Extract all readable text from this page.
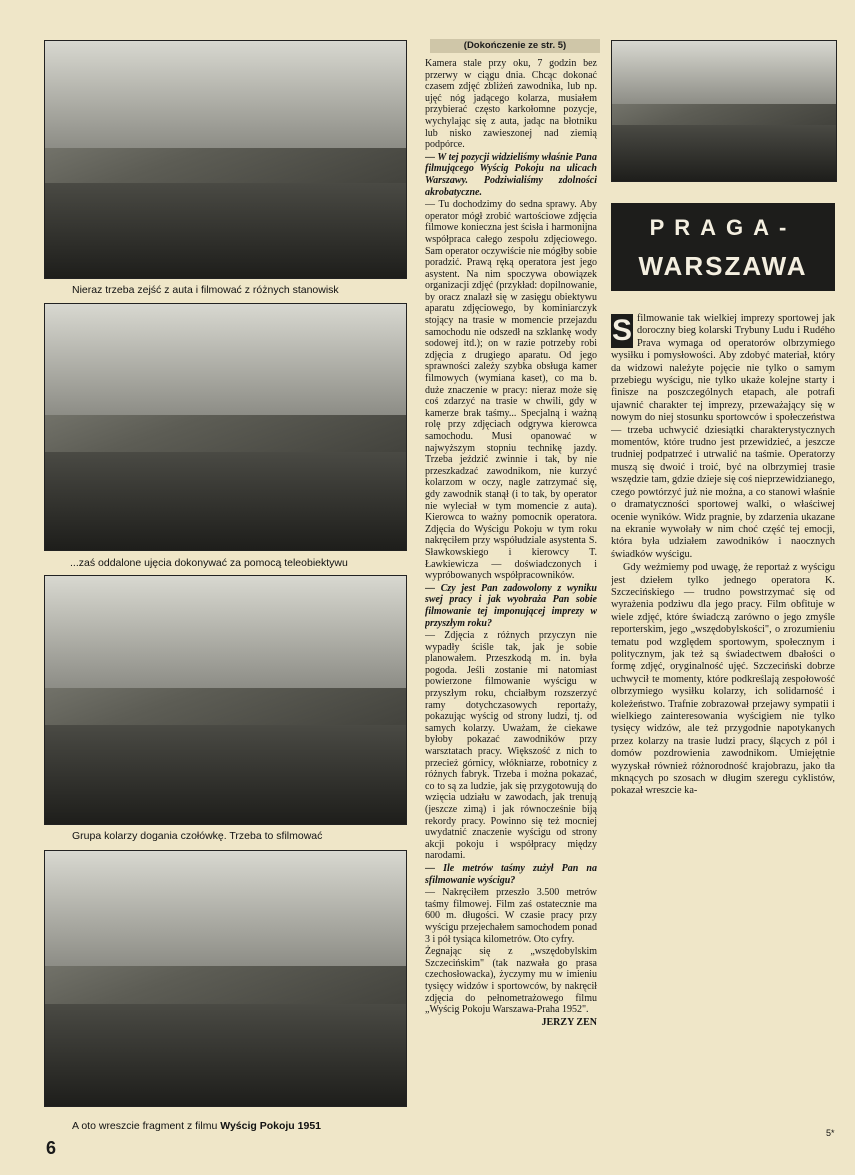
Nieraz trzeba zejść z auta i filmować z różnych stanowisk
...zaś oddalone ujęcia dokonywać za pomocą teleobiektywu
Grupa kolarzy dogania czołówkę. Trzeba to sfilmować
A oto wreszcie fragment z filmu Wyścig Pokoju 1951
(Dokończenie ze str. 5)

Kamera stale przy oku, 7 godzin bez przerwy w ciągu dnia. Chcąc dokonać czasem zdjęć zbliżeń zawodnika, lub np. ujęć nóg jadącego kolarza, musiałem przybierać często karkołomne pozycje, wychylając się z auta, jadąc na błotniku lub nisko zawieszonej nad ziemią podpórce.

— W tej pozycji widzieliśmy właśnie Pana filmującego Wyścig Pokoju na ulicach Warszawy. Podziwialiśmy zdolności akrobatyczne.

— Tu dochodzimy do sedna sprawy. Aby operator mógł zrobić wartościowe zdjęcia filmowe konieczna jest ścisła i harmonijna współpraca całego zespołu zdjęciowego. Sam operator oczywiście nie mógłby sobie poradzić. Prawą ręką operatora jest jego asystent. Na nim spoczywa obowiązek organizacji zdjęć (przykład: dopilnowanie, by oracz znalazł się w zasięgu obiektywu aparatu zdjęciowego, by kominiarczyk stojący na trasie w momencie przejazdu samochodu nie odszedł na szklankę wody sodowej itd.); on w razie potrzeby robi zdjęcia z drugiego aparatu. Od jego sprawności zależy szybka obsługa kamer filmowych (wymiana kaset), co ma b. duże znaczenie w pracy: nieraz może się coś zdarzyć na trasie w chwili, gdy w kamerze brak taśmy... Specjalną i ważną rolę przy zdjęciach odgrywa kierowca samochodu. Musi opanować w najwyższym stopniu technikę jazdy. Trzeba jeździć zwinnie i tak, by nie przeszkadzać zawodnikom, nie kurzyć kolarzom w oczy, nagle zatrzymać się, gdy zawodnik stanął (i to tak, by operator nie wyleciał w tym momencie z auta). Kierowca to ważny pomocnik operatora. Zdjęcia do Wyścigu Pokoju w tym roku nakręciłem przy współudziale asystenta S. Sławkowskiego i kierowcy T. Ławkiewicza — doświadczonych i wypróbowanych współpracowników.

— Czy jest Pan zadowolony z wyniku swej pracy i jak wyobraża Pan sobie filmowanie tej imponującej imprezy w przyszłym roku?

— Zdjęcia z różnych przyczyn nie wypadły ściśle tak, jak je sobie planowałem. Przeszkodą m. in. była pogoda. Jeśli zostanie mi natomiast powierzone filmowanie wyścigu w przyszłym roku, chciałbym rozszerzyć ramy dotychczasowych reportaży, pokazując wyścig od strony ludzi, tj. od samych kolarzy. Uważam, że ciekawe byłoby pokazać zawodników przy warsztatach pracy. Większość z nich to przecież górnicy, włókniarze, robotnicy z różnych fabryk. Trzeba i można pokazać, co to są za ludzie, jak się przygotowują do wzięcia udziału w zawodach, jak trenują (jeszcze zimą) i jak równocześnie biją rekordy pracy. Powinno się też mocniej uwydatnić znaczenie wyścigu od strony akcji pokoju i współpracy między narodami.

— Ile metrów taśmy zużył Pan na sfilmowanie wyścigu?

— Nakręciłem przeszło 3.500 metrów taśmy filmowej. Film zaś ostatecznie ma 600 m. długości. W czasie pracy przy wyścigu przejechałem samochodem ponad 3 i pół tysiąca kilometrów. Oto cyfry.

Żegnając się z „wszędobylskim Szczecińskim" (tak nazwała go prasa czechosłowacka), życzymy mu w imieniu tysięcy widzów i sportowców, by nakręcił zdjęcia do pełnometrażowego filmu „Wyścig Pokoju Warszawa-Praha 1952".

JERZY ZEN

PRAGA-
WARSZAWA

S filmowanie tak wielkiej imprezy sportowej jak doroczny bieg kolarski Trybuny Ludu i Rudého Prava wymaga od operatorów olbrzymiego wysiłku i pomysłowości. Aby zdobyć materiał, który da widzowi należyte pojęcie nie tylko o samym przebiegu wyścigu, nie tylko ukaże kolejne starty i finisze na poszczególnych etapach, ale potrafi ujawnić charakter tej imprezy, przeważający się w nowym do niej stosunku sportowców i społeczeństwa — trzeba uchwycić dziesiątki charakterystycznych momentów, które trudno jest przewidzieć, a jeszcze trudniej podpatrzeć i utrwalić na taśmie. Operatorzy muszą się dwoić i troić, być na olbrzymiej trasie wszędzie tam, gdzie dzieje się coś nieprzewidzianego, czego powtórzyć już nie można, a co stanowi właśnie o dramatyczności sportowej walki, o właściwej ocenie wyników. Widz pragnie, by zdarzenia ukazane na ekranie wywołały w nim choć część tej emocji, która była udziałem zawodników i naocznych świadków wyścigu.

Gdy weźmiemy pod uwagę, że reportaż z wyścigu jest dziełem tylko jednego operatora K. Szczecińskiego — trudno powstrzymać się od wyrażenia podziwu dla jego pracy. Film obfituje w wiele zdjęć, które świadczą zarówno o jego zmyśle reporterskim, jego „wszędobylskości", o zrozumieniu tematu pod względem sportowym, społecznym i politycznym, jak też są świadectwem dbałości o formę zdjęć, oryginalność ujęć. Szczeciński dobrze uchwycił te momenty, które podkreślają zespołowość olbrzymiego wysiłku kolarzy, ich solidarność i koleżeństwo. Trafnie zobrazował przejawy sympatii i wielkiego zainteresowania wyścigiem nie tylko tysięcy widzów, ale też przygodnie napotykanych przez kolarzy na trasie ludzi pracy, ślących z pól i domów pozdrowienia zawodnikom. Umiejętnie wyzyskał również różnorodność krajobrazu, jako tła mknących po szosach w długim szeregu cyklistów, pokazał wreszcie ka-

5*
6
